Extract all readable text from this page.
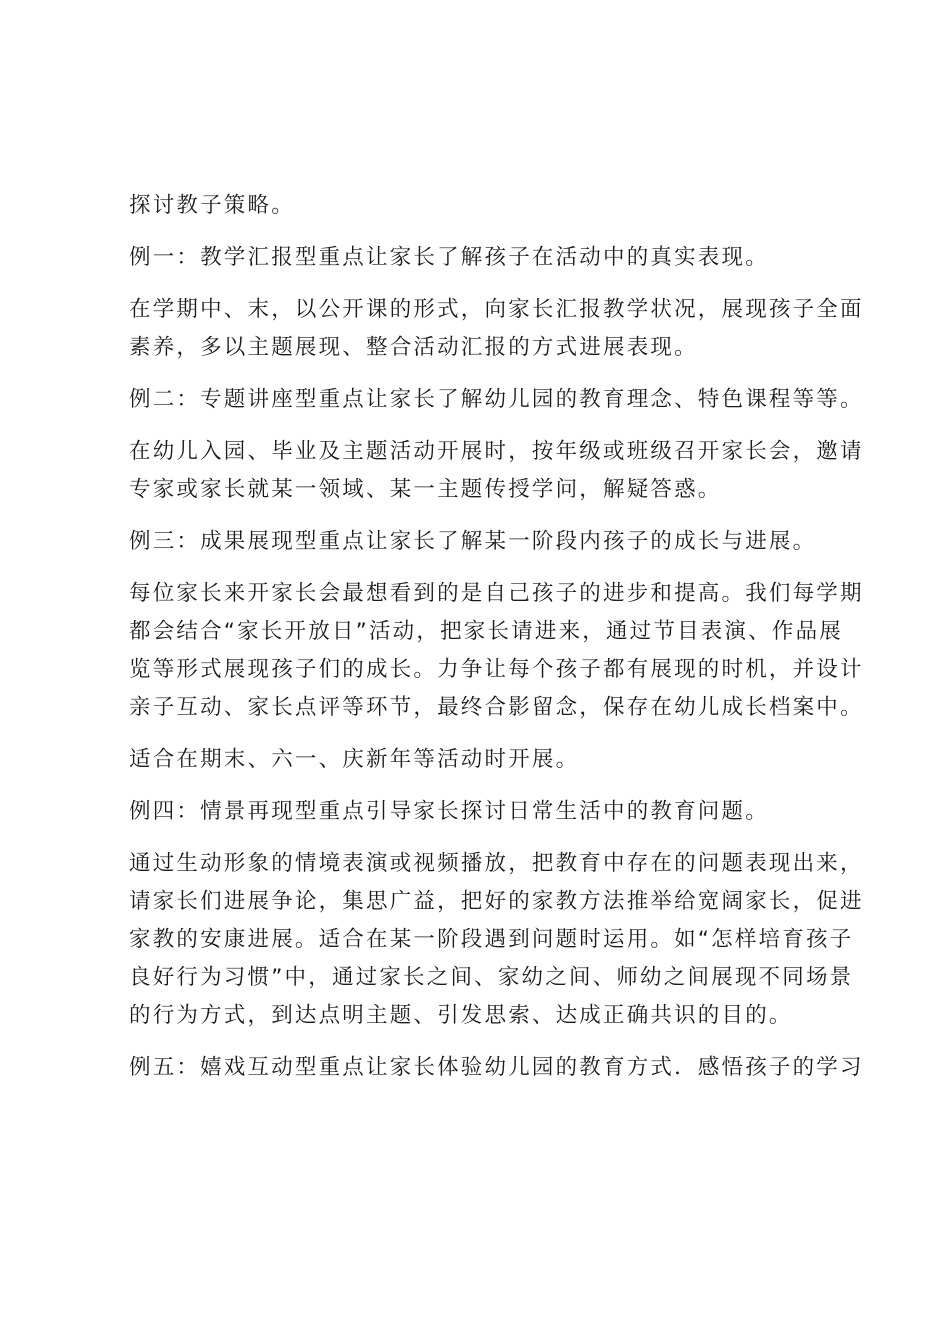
探讨教子策略。

例一：教学汇报型重点让家长了解孩子在活动中的真实表现。

在学期中、末，以公开课的形式，向家长汇报教学状况，展现孩子全面
素养，多以主题展现、整合活动汇报的方式进展表现。

例二：专题讲座型重点让家长了解幼儿园的教育理念、特色课程等等。

在幼儿入园、毕业及主题活动开展时，按年级或班级召开家长会，邀请
专家或家长就某一领域、某一主题传授学问，解疑答惑。

例三：成果展现型重点让家长了解某一阶段内孩子的成长与进展。

每位家长来开家长会最想看到的是自己孩子的进步和提高。我们每学期
都会结合“家长开放日”活动，把家长请进来，通过节目表演、作品展
览等形式展现孩子们的成长。力争让每个孩子都有展现的时机，并设计
亲子互动、家长点评等环节，最终合影留念，保存在幼儿成长档案中。

适合在期末、六一、庆新年等活动时开展。

例四：情景再现型重点引导家长探讨日常生活中的教育问题。

通过生动形象的情境表演或视频播放，把教育中存在的问题表现出来，
请家长们进展争论，集思广益，把好的家教方法推举给宽阔家长，促进
家教的安康进展。适合在某一阶段遇到问题时运用。如“怎样培育孩子
良好行为习惯”中，通过家长之间、家幼之间、师幼之间展现不同场景
的行为方式，到达点明主题、引发思索、达成正确共识的目的。

例五：嬉戏互动型重点让家长体验幼儿园的教育方式．感悟孩子的学习
